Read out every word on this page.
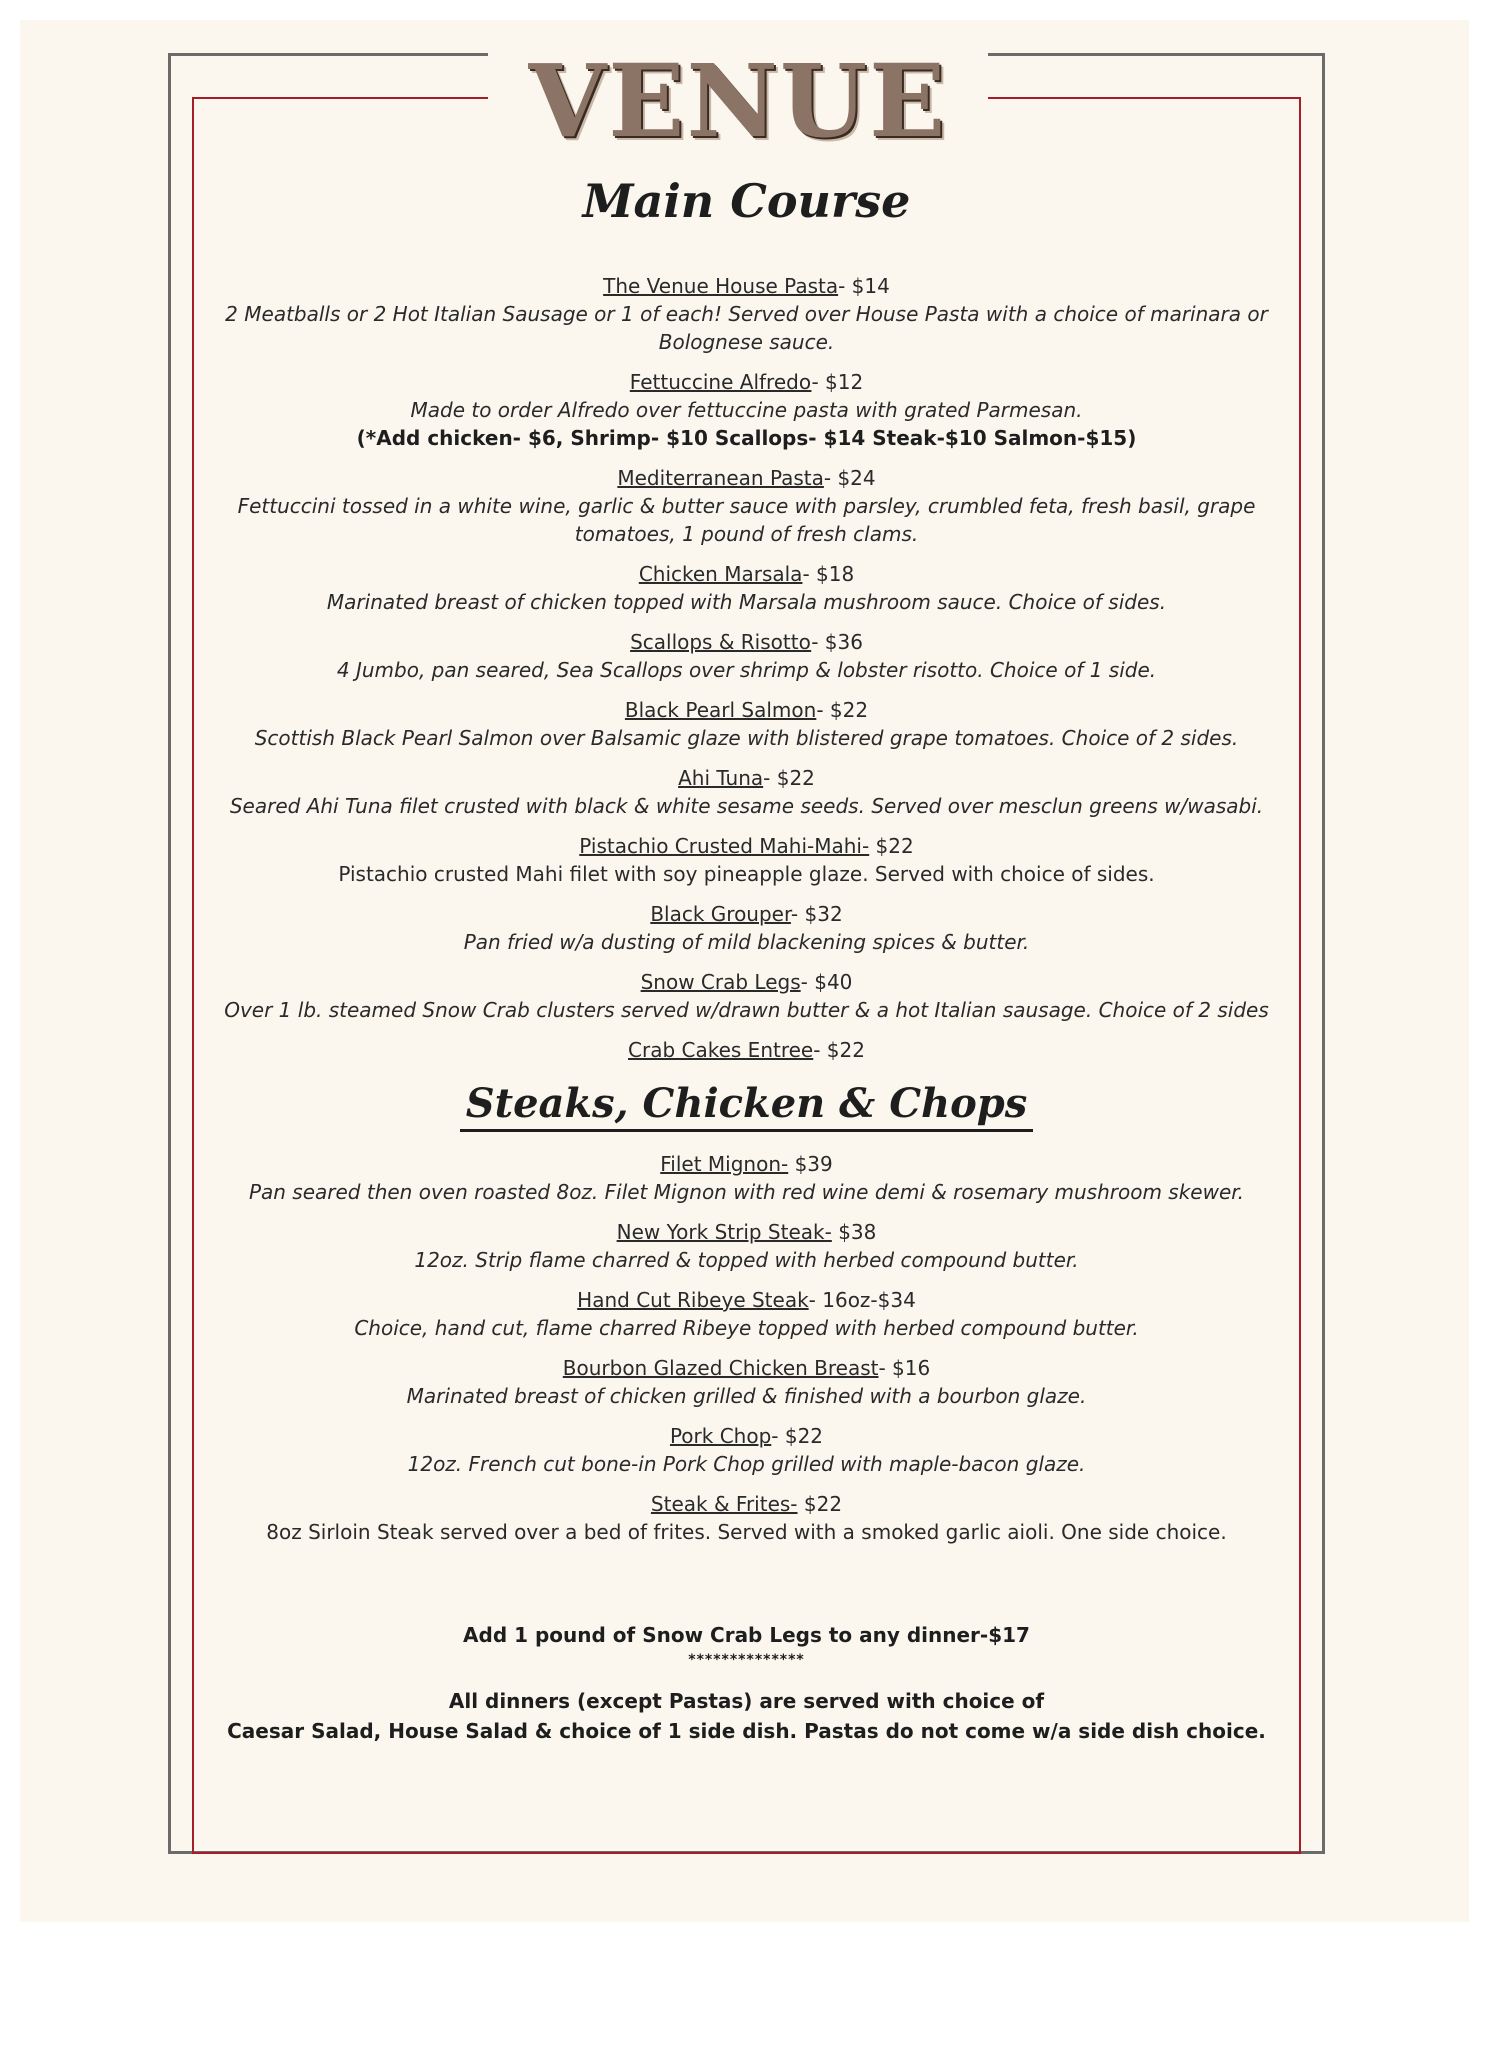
VENUE
Main Course
The Venue House Pasta- $14
2 Meatballs or 2 Hot Italian Sausage or 1 of each! Served over House Pasta with a choice of marinara or Bolognese sauce.
Fettuccine Alfredo- $12
Made to order Alfredo over fettuccine pasta with grated Parmesan.
(*Add chicken- $6, Shrimp- $10 Scallops- $14 Steak-$10 Salmon-$15)
Mediterranean Pasta- $24
Fettuccini tossed in a white wine, garlic & butter sauce with parsley, crumbled feta, fresh basil, grape tomatoes, 1 pound of fresh clams.
Chicken Marsala- $18
Marinated breast of chicken topped with Marsala mushroom sauce. Choice of sides.
Scallops & Risotto- $36
4 Jumbo, pan seared, Sea Scallops over shrimp & lobster risotto. Choice of 1 side.
Black Pearl Salmon- $22
Scottish Black Pearl Salmon over Balsamic glaze with blistered grape tomatoes. Choice of 2 sides.
Ahi Tuna- $22
Seared Ahi Tuna filet crusted with black & white sesame seeds. Served over mesclun greens w/wasabi.
Pistachio Crusted Mahi-Mahi- $22
Pistachio crusted Mahi filet with soy pineapple glaze. Served with choice of sides.
Black Grouper- $32
Pan fried w/a dusting of mild blackening spices & butter.
Snow Crab Legs- $40
Over 1 lb. steamed Snow Crab clusters served w/drawn butter & a hot Italian sausage. Choice of 2 sides
Crab Cakes Entree- $22
Steaks, Chicken & Chops
Filet Mignon- $39
Pan seared then oven roasted 8oz. Filet Mignon with red wine demi & rosemary mushroom skewer.
New York Strip Steak- $38
12oz. Strip flame charred & topped with herbed compound butter.
Hand Cut Ribeye Steak- 16oz-$34
Choice, hand cut, flame charred Ribeye topped with herbed compound butter.
Bourbon Glazed Chicken Breast- $16
Marinated breast of chicken grilled & finished with a bourbon glaze.
Pork Chop- $22
12oz. French cut bone-in Pork Chop grilled with maple-bacon glaze.
Steak & Frites- $22
8oz Sirloin Steak served over a bed of frites. Served with a smoked garlic aioli. One side choice.
Add 1 pound of Snow Crab Legs to any dinner-$17
**************
All dinners (except Pastas) are served with choice of
Caesar Salad, House Salad & choice of 1 side dish. Pastas do not come w/a side dish choice.
